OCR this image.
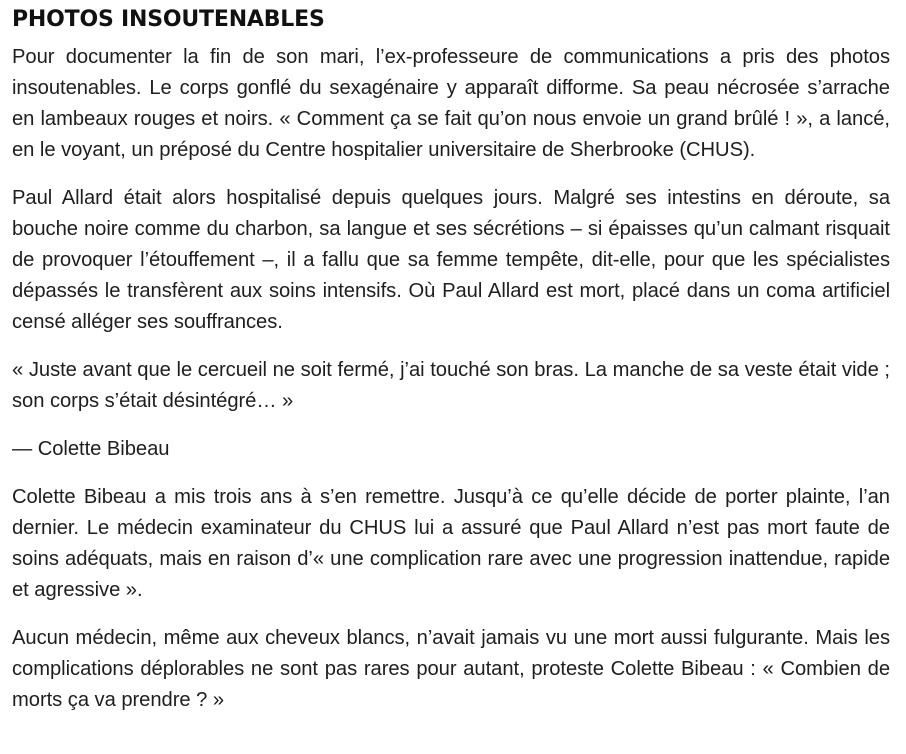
PHOTOS INSOUTENABLES

Pour documenter la fin de son mari, l’ex-professeure de communications a pris des photos insoutenables. Le corps gonflé du sexagénaire y apparaît difforme. Sa peau nécrosée s’arrache en lambeaux rouges et noirs. « Comment ça se fait qu’on nous envoie un grand brûlé ! », a lancé, en le voyant, un préposé du Centre hospitalier universitaire de Sherbrooke (CHUS).

Paul Allard était alors hospitalisé depuis quelques jours. Malgré ses intestins en déroute, sa bouche noire comme du charbon, sa langue et ses sécrétions – si épaisses qu’un calmant risquait de provoquer l’étouffement –, il a fallu que sa femme tempête, dit-elle, pour que les spécialistes dépassés le transfèrent aux soins intensifs. Où Paul Allard est mort, placé dans un coma artificiel censé alléger ses souffrances.

« Juste avant que le cercueil ne soit fermé, j’ai touché son bras. La manche de sa veste était vide ; son corps s’était désintégré… »

— Colette Bibeau

Colette Bibeau a mis trois ans à s’en remettre. Jusqu’à ce qu’elle décide de porter plainte, l’an dernier. Le médecin examinateur du CHUS lui a assuré que Paul Allard n’est pas mort faute de soins adéquats, mais en raison d’« une complication rare avec une progression inattendue, rapide et agressive ».

Aucun médecin, même aux cheveux blancs, n’avait jamais vu une mort aussi fulgurante. Mais les complications déplorables ne sont pas rares pour autant, proteste Colette Bibeau : « Combien de morts ça va prendre ? »
